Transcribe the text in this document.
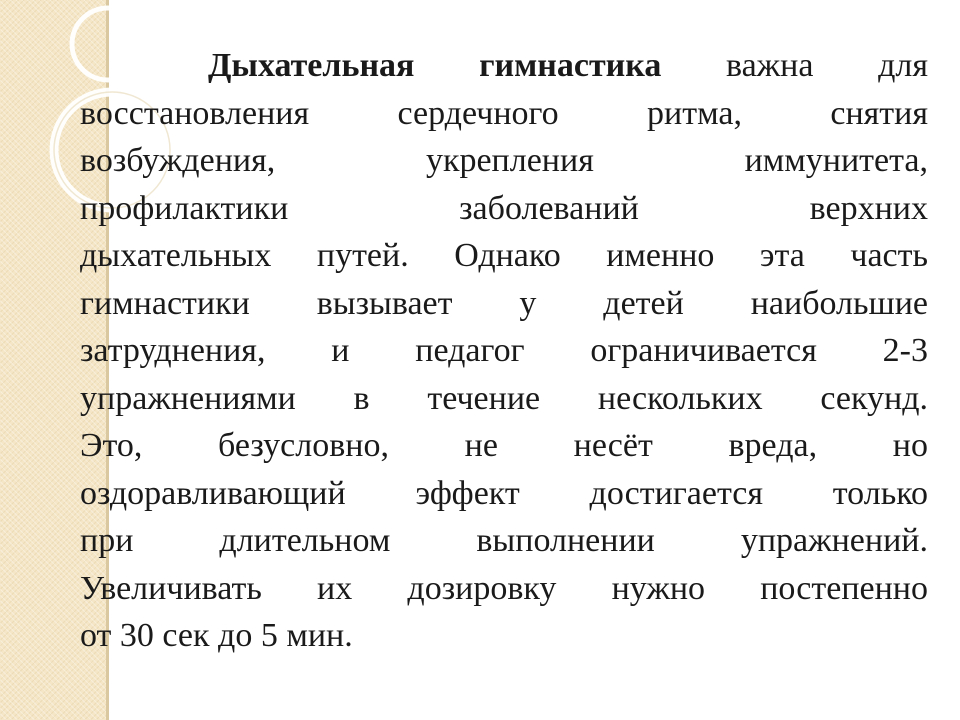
Дыхательная гимнастика важна для
восстановления сердечного ритма, снятия
возбуждения, укрепления иммунитета,
профилактики заболеваний верхних
дыхательных путей. Однако именно эта часть
гимнастики вызывает у детей наибольшие
затруднения, и педагог ограничивается 2-3
упражнениями в течение нескольких секунд.
Это, безусловно, не несёт вреда, но
оздоравливающий эффект достигается только
при длительном выполнении упражнений.
Увеличивать их дозировку нужно постепенно
от 30 сек до 5 мин.
